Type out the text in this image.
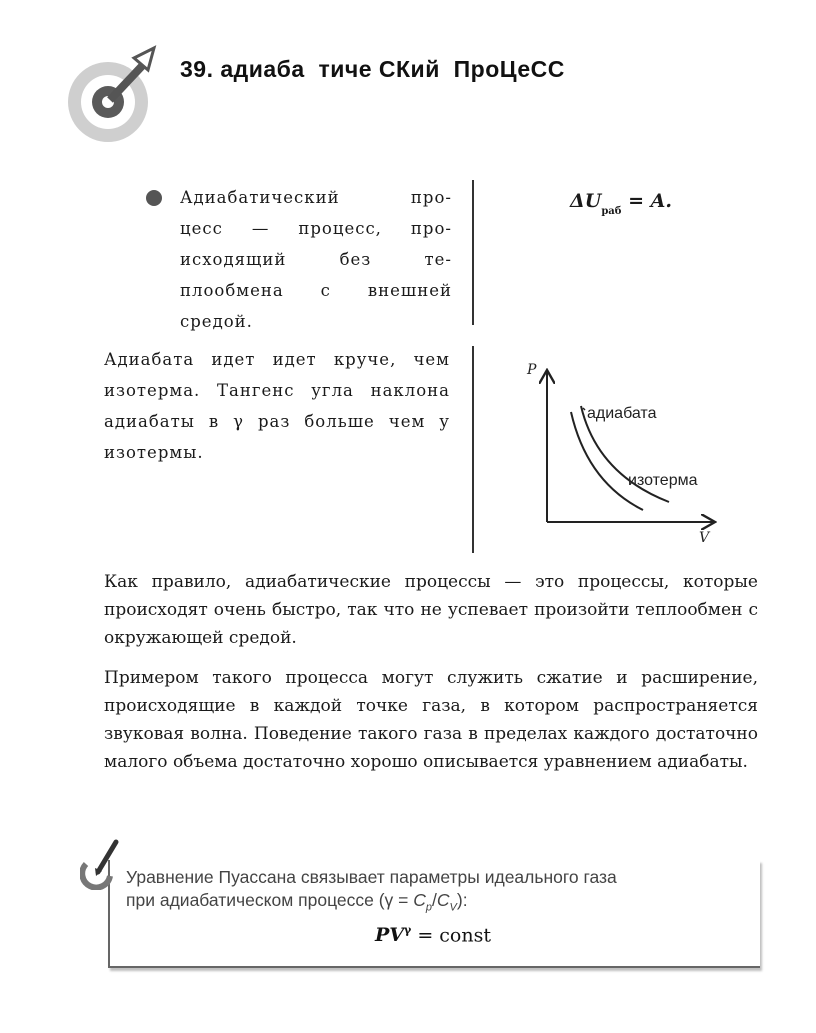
39. адиаба  тиче СКий  ПроЦеСС
Адиабатический про-
цесс — процесс, про-
исходящий без те-
плообмена с внешней
средой.
$\Delta U_{раб} = A$.

Адиабата идет идет круче, чем изотерма. Тангенс угла наклона адиабаты в γ раз больше чем у изотермы.

P
V
адиабата
изотерма

Как правило, адиабатические процессы — это процессы, которые происходят очень быстро, так что не успевает произойти теплообмен с окружающей средой.

Примером такого процесса могут служить сжатие и расширение, происходящие в каждой точке газа, в котором распространяется звуковая волна. Поведение такого газа в пределах каждого достаточно малого объема достаточно хорошо описывается уравнением адиабаты.

Уравнение Пуассана связывает параметры идеального газа
при адиабатическом процессе $(\gamma = C_p/C_V)$:
$PV^\gamma$ = const
